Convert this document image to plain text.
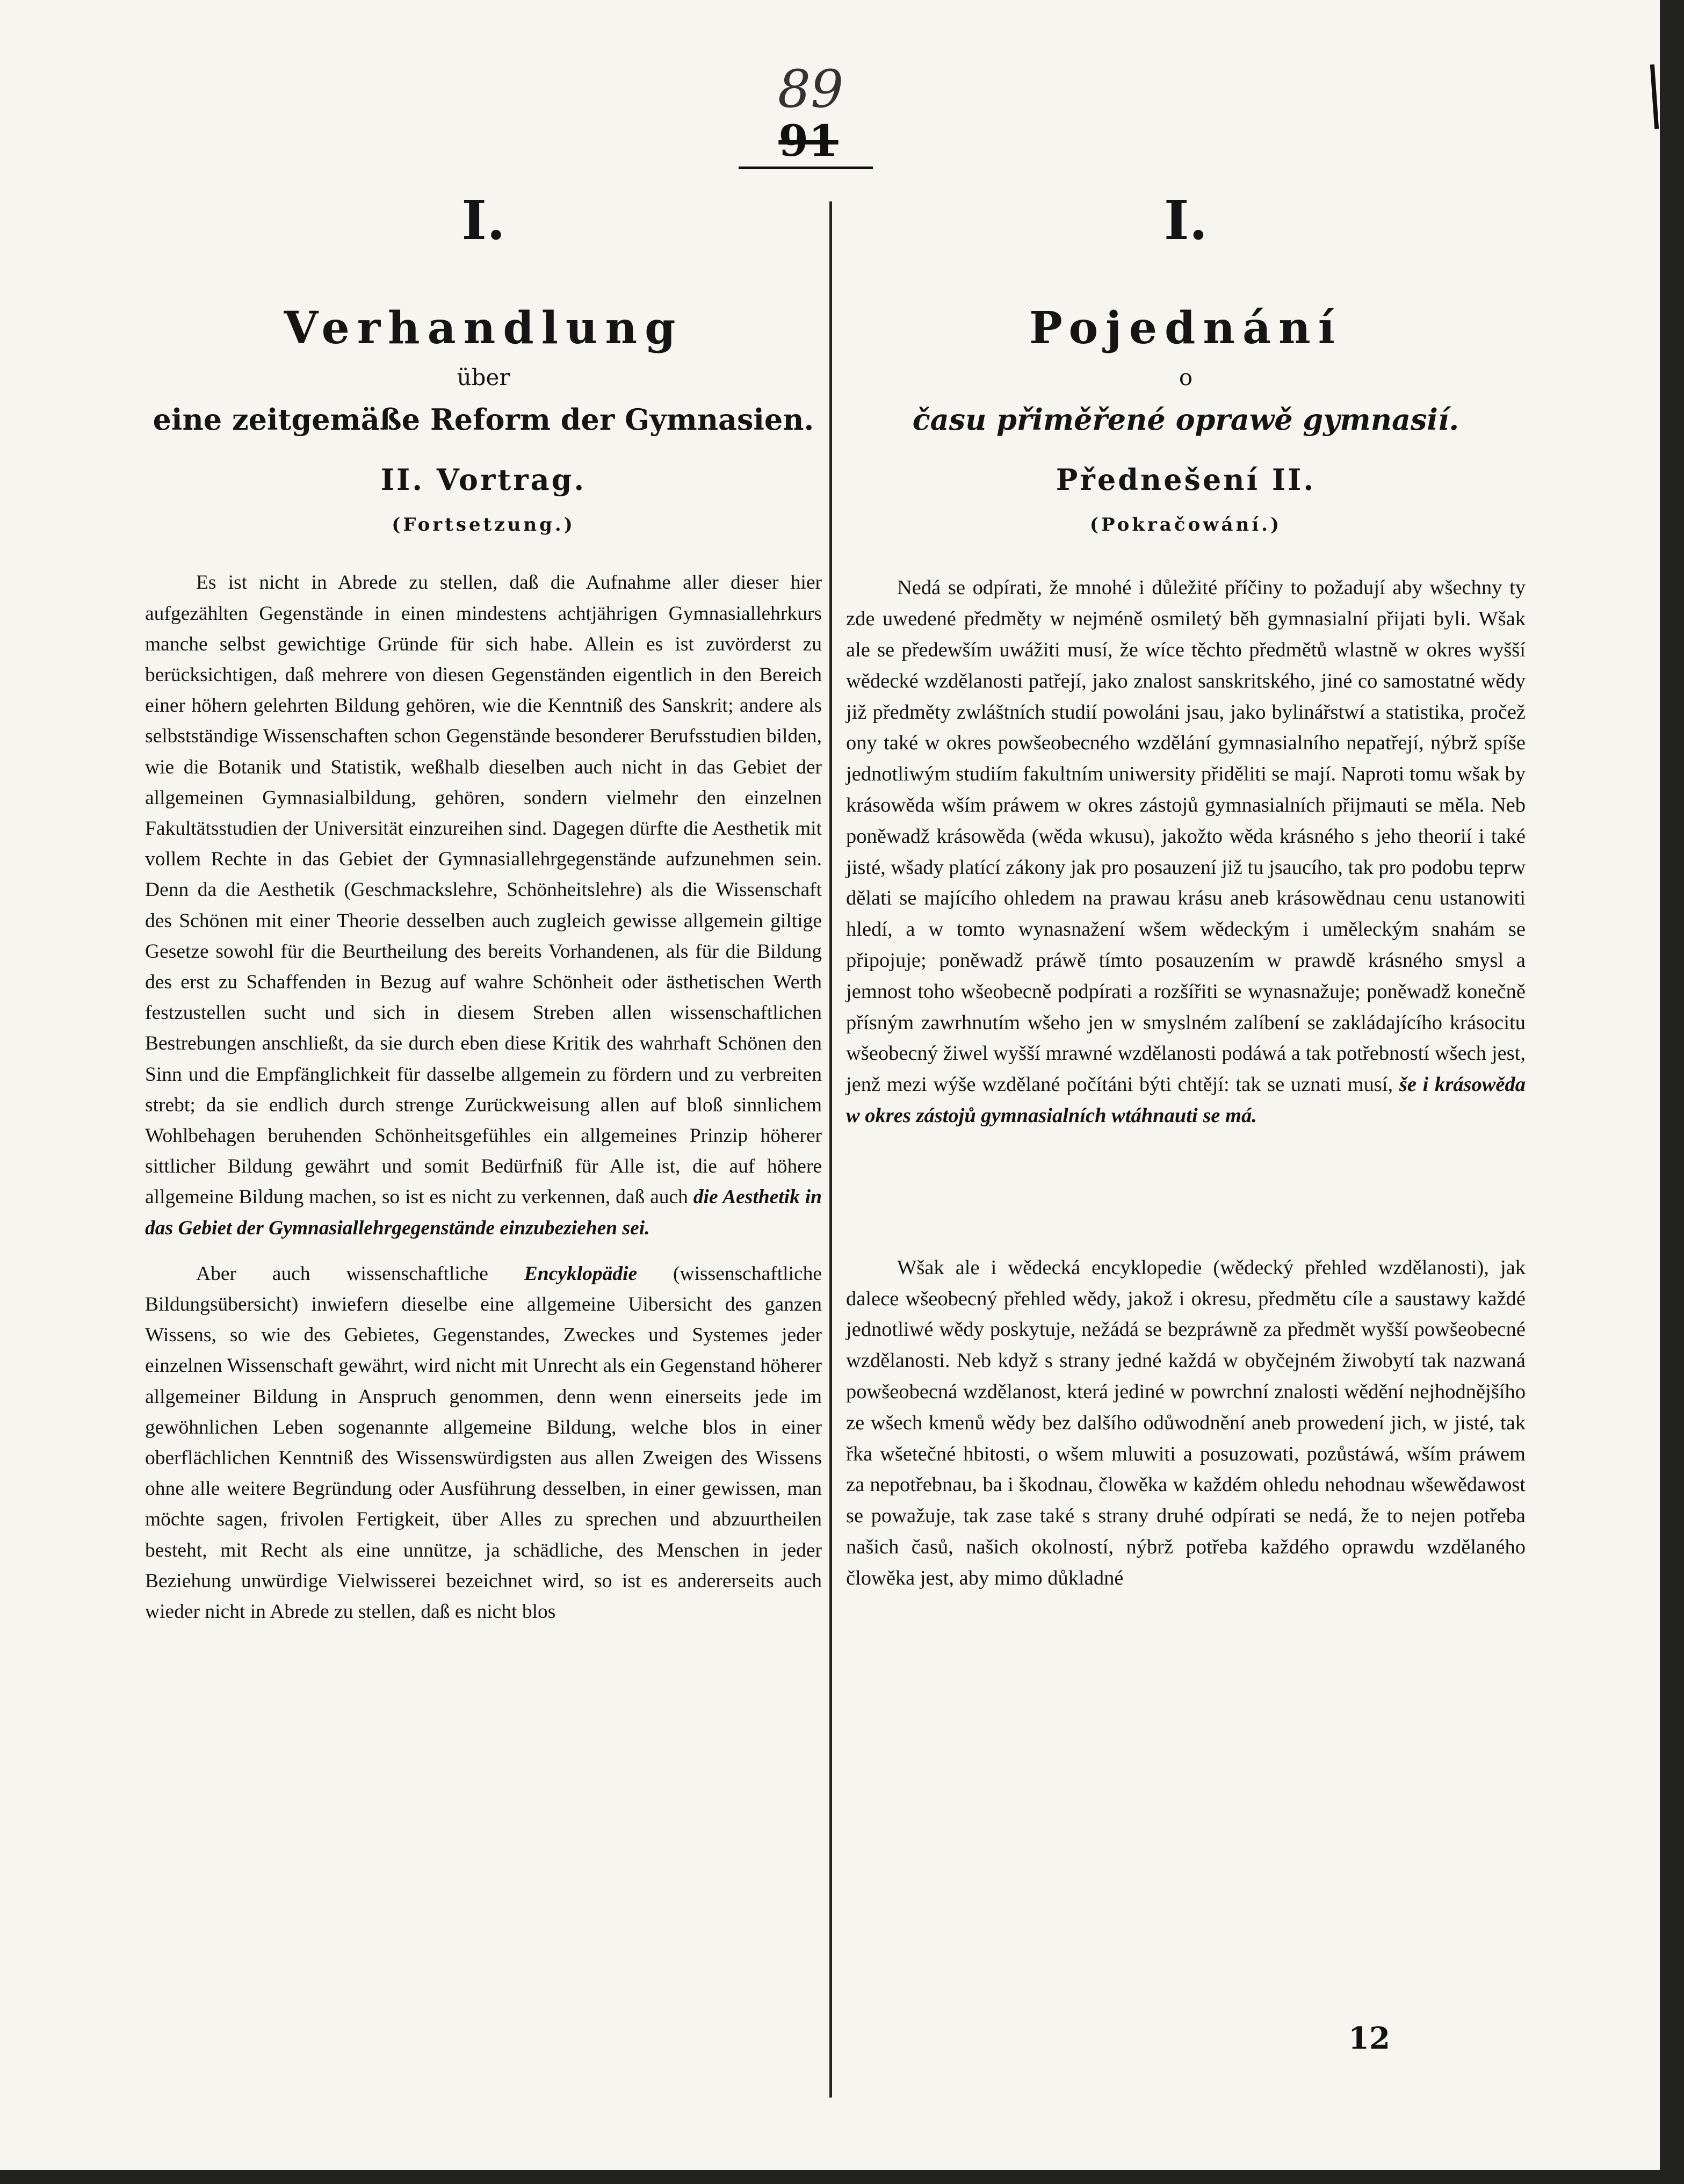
89
91

I.

Verhandlung

über

eine zeitgemäße Reform der Gymnasien.

II. Vortrag.

(Fortsetzung.)

Es ist nicht in Abrede zu stellen, daß die Aufnahme aller dieser hier aufgezählten Gegenstände in einen mindestens achtjährigen Gymnasiallehrkurs manche selbst gewichtige Gründe für sich habe. Allein es ist zuvörderst zu berücksichtigen, daß mehrere von diesen Gegenständen eigentlich in den Bereich einer höhern gelehrten Bildung gehören, wie die Kenntniß des Sanskrit; andere als selbstständige Wissenschaften schon Gegenstände besonderer Berufsstudien bilden, wie die Botanik und Statistik, weßhalb dieselben auch nicht in das Gebiet der allgemeinen Gymnasialbildung, gehören, sondern vielmehr den einzelnen Fakultätsstudien der Universität einzureihen sind. Dagegen dürfte die Aesthetik mit vollem Rechte in das Gebiet der Gymnasiallehrgegenstände aufzunehmen sein. Denn da die Aesthetik (Geschmackslehre, Schönheitslehre) als die Wissenschaft des Schönen mit einer Theorie desselben auch zugleich gewisse allgemein giltige Gesetze sowohl für die Beurtheilung des bereits Vorhandenen, als für die Bildung des erst zu Schaffenden in Bezug auf wahre Schönheit oder ästhetischen Werth festzustellen sucht und sich in diesem Streben allen wissenschaftlichen Bestrebungen anschließt, da sie durch eben diese Kritik des wahrhaft Schönen den Sinn und die Empfänglichkeit für dasselbe allgemein zu fördern und zu verbreiten strebt; da sie endlich durch strenge Zurückweisung allen auf bloß sinnlichem Wohlbehagen beruhenden Schönheitsgefühles ein allgemeines Prinzip höherer sittlicher Bildung gewährt und somit Bedürfniß für Alle ist, die auf höhere allgemeine Bildung machen, so ist es nicht zu verkennen, daß auch die Aesthetik in das Gebiet der Gymnasiallehrgegenstände einzubeziehen sei.

Aber auch wissenschaftliche Encyklopädie (wissenschaftliche Bildungsübersicht) inwiefern dieselbe eine allgemeine Uibersicht des ganzen Wissens, so wie des Gebietes, Gegenstandes, Zweckes und Systemes jeder einzelnen Wissenschaft gewährt, wird nicht mit Unrecht als ein Gegenstand höherer allgemeiner Bildung in Anspruch genommen, denn wenn einerseits jede im gewöhnlichen Leben sogenannte allgemeine Bildung, welche blos in einer oberflächlichen Kenntniß des Wissenswürdigsten aus allen Zweigen des Wissens ohne alle weitere Begründung oder Ausführung desselben, in einer gewissen, man möchte sagen, frivolen Fertigkeit, über Alles zu sprechen und abzuurtheilen besteht, mit Recht als eine unnütze, ja schädliche, des Menschen in jeder Beziehung unwürdige Vielwisserei bezeichnet wird, so ist es andererseits auch wieder nicht in Abrede zu stellen, daß es nicht blos

I.

Pojednání

o

času přiměřené oprawě gymnasií.

Přednešení II.

(Pokračowání.)

Nedá se odpírati, že mnohé i důležité příčiny to požadují aby wšechny ty zde uwedené předměty w nejméně osmiletý běh gymnasialní přijati byli. Wšak ale se předewším uwážiti musí, že wíce těchto předmětů wlastně w okres wyšší wědecké wzdělanosti patřejí, jako znalost sanskritského, jiné co samostatné wědy již předměty zwláštních studií powoláni jsau, jako bylinářstwí a statistika, pročež ony také w okres powšeobecného wzdělání gymnasialního nepatřejí, nýbrž spíše jednotliwým studiím fakultním uniwersity přiděliti se mají. Naproti tomu wšak by krásowěda wším práwem w okres zástojů gymnasialních přijmauti se měla. Neb poněwadž krásowěda (wěda wkusu), jakožto wěda krásného s jeho theorií i také jisté, wšady platící zákony jak pro posauzení již tu jsaucího, tak pro podobu teprw dělati se majícího ohledem na prawau krásu aneb krásowědnau cenu ustanowiti hledí, a w tomto wynasnažení wšem wědeckým i uměleckým snahám se připojuje; poněwadž práwě tímto posauzením w prawdě krásného smysl a jemnost toho wšeobecně podpírati a rozšířiti se wynasnažuje; poněwadž konečně přísným zawrhnutím wšeho jen w smyslném zalíbení se zakládajícího krásocitu wšeobecný žiwel wyšší mrawné wzdělanosti podáwá a tak potřebností wšech jest, jenž mezi wýše wzdělané počítáni býti chtějí: tak se uznati musí, še i krásowěda w okres zástojů gymnasialních wtáhnauti se má.

Wšak ale i wědecká encyklopedie (wědecký přehled wzdělanosti), jak dalece wšeobecný přehled wědy, jakož i okresu, předmětu cíle a saustawy každé jednotliwé wědy poskytuje, nežádá se bezpráwně za předmět wyšší powšeobecné wzdělanosti. Neb když s strany jedné každá w obyčejném žiwobytí tak nazwaná powšeobecná wzdělanost, která jediné w powrchní znalosti wědění nejhodnějšího ze wšech kmenů wědy bez dalšího odůwodnění aneb prowedení jich, w jisté, tak řka wšetečné hbitosti, o wšem mluwiti a posuzowati, pozůstáwá, wším práwem za nepotřebnau, ba i škodnau, člowěka w každém ohledu nehodnau wšewědawost se powažuje, tak zase také s strany druhé odpírati se nedá, že to nejen potřeba našich časů, našich okolností, nýbrž potřeba každého oprawdu wzdělaného člowěka jest, aby mimo důkladné

12
